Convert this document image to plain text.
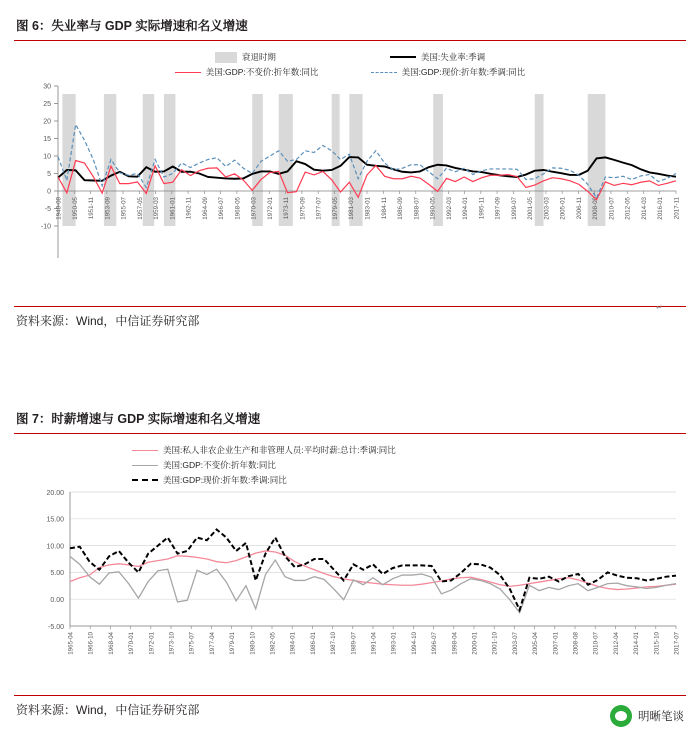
图 6：失业率与 GDP 实际增速和名义增速
衰退时期	美国:失业率:季调
美国:GDP:不变价:折年数:同比	美国:GDP:现价:折年数:季调:同比
-10
-5
0
5
10
15
20
25
30
1948-08 1950-05 1951-11 1953-09 1955-07 1957-05 1959-03 1961-01 1962-11 1964-09 1966-07 1968-05 1970-03 1972-01 1973-11 1975-09 1977-07 1979-05 1981-03 1983-01 1984-11 1986-09 1988-07 1990-05 1992-03 1994-01 1995-11 1997-09 1999-07 2001-05 2003-03 2005-01 2006-11 2008-09 2010-07 2012-05 2014-03 2016-01 2017-11
资料来源：Wind，中信证券研究部
图 7：时薪增速与 GDP 实际增速和名义增速
美国:私人非农企业生产和非管理人员:平均时薪:总计:季调:同比
美国:GDP:不变价:折年数:同比
美国:GDP:现价:折年数:季调:同比
-5.00
0.00
5.00
10.00
15.00
20.00
1965-04 1966-10 1968-04 1970-01 1972-01 1973-10 1975-07 1977-04 1979-01 1980-10 1982-05 1984-01 1986-01 1987-10 1989-07 1991-04 1993-01 1994-10 1996-07 1998-04 2000-01 2001-10 2003-07 2005-04 2007-01 2008-08 2010-07 2012-04 2014-01 2015-10 2017-07
资料来源：Wind，中信证券研究部	明晰笔谈
↵
